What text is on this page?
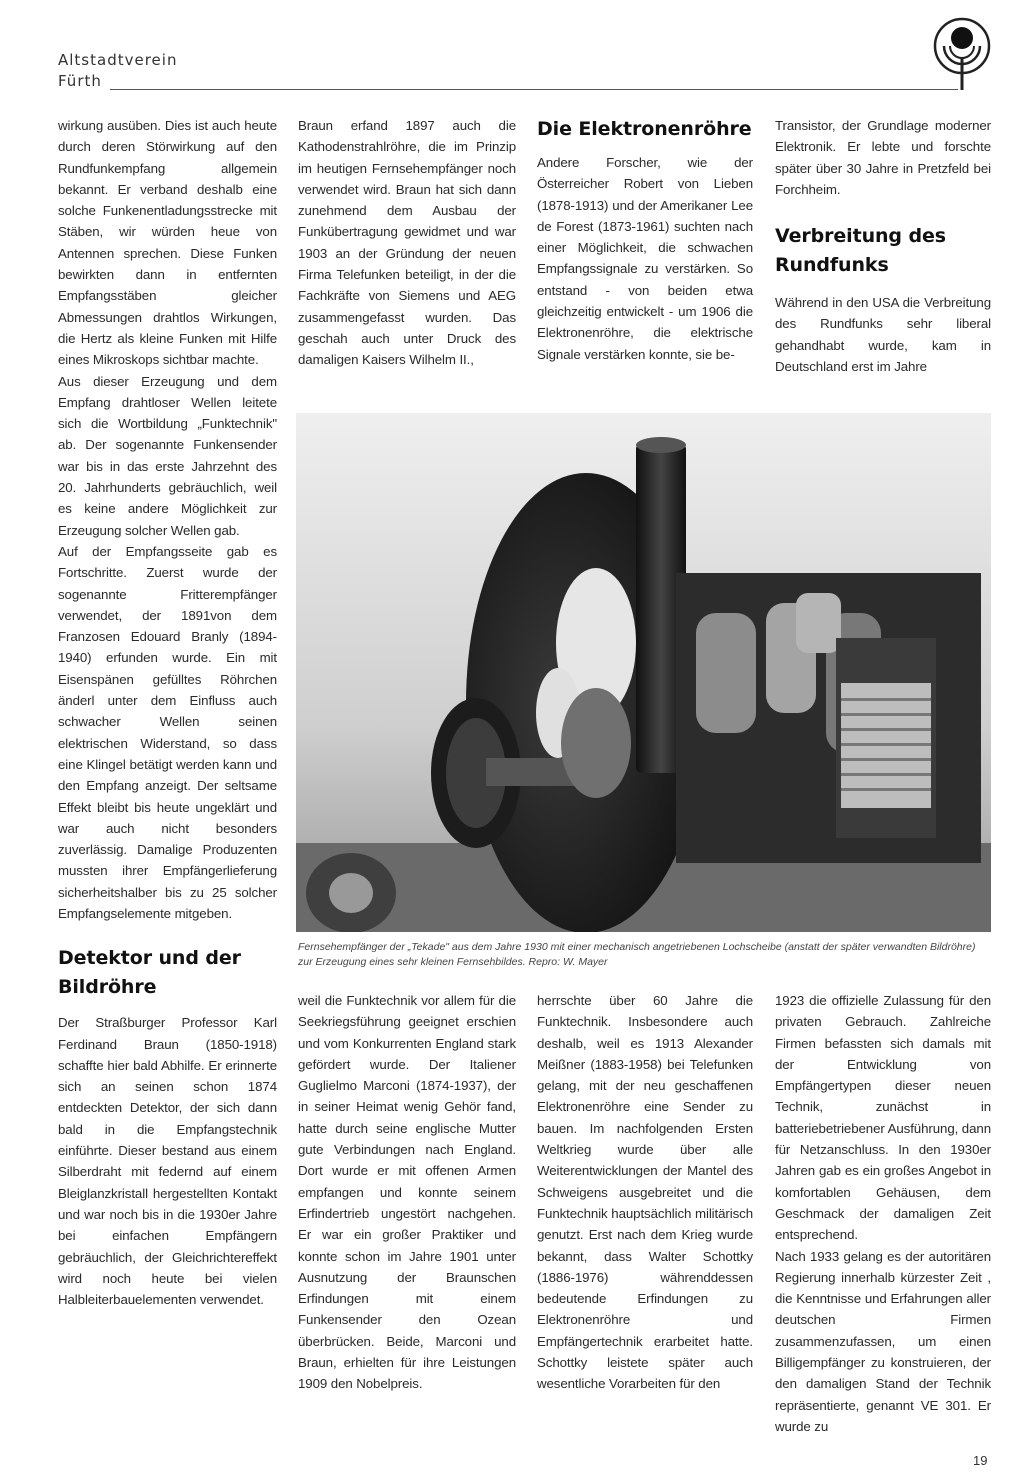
Altstadtverein
Fürth

wirkung ausüben. Dies ist auch heute durch deren Störwirkung auf den Rundfunkempfang allgemein bekannt. Er verband deshalb eine solche Funkenentladungsstrecke mit Stäben, wir würden heue von Antennen sprechen. Diese Funken bewirkten dann in entfernten Empfangsstäben gleicher Abmessungen drahtlos Wirkungen, die Hertz als kleine Funken mit Hilfe eines Mikroskops sichtbar machte.

Aus dieser Erzeugung und dem Empfang drahtloser Wellen leitete sich die Wortbildung „Funktechnik" ab. Der sogenannte Funkensender war bis in das erste Jahrzehnt des 20. Jahrhunderts gebräuchlich, weil es keine andere Möglichkeit zur Erzeugung solcher Wellen gab.

Auf der Empfangsseite gab es Fortschritte. Zuerst wurde der sogenannte Fritterempfänger verwendet, der 1891von dem Franzosen Edouard Branly (1894-1940) erfunden wurde. Ein mit Eisenspänen gefülltes Röhrchen änderl unter dem Einfluss auch schwacher Wellen seinen elektrischen Widerstand, so dass eine Klingel betätigt werden kann und den Empfang anzeigt. Der seltsame Effekt bleibt bis heute ungeklärt und war auch nicht besonders zuverlässig. Damalige Produzenten mussten ihrer Empfängerlieferung sicherheitshalber bis zu 25 solcher Empfangselemente mitgeben.

Detektor und der Bildröhre

Der Straßburger Professor Karl Ferdinand Braun (1850-1918) schaffte hier bald Abhilfe. Er erinnerte sich an seinen schon 1874 entdeckten Detektor, der sich dann bald in die Empfangstechnik einführte. Dieser bestand aus einem Silberdraht mit federnd auf einem Bleiglanzkristall hergestellten Kontakt und war noch bis in die 1930er Jahre bei einfachen Empfängern gebräuchlich, der Gleichrichtereffekt wird noch heute bei vielen Halbleiterbauelementen verwendet.

Braun erfand 1897 auch die Kathodenstrahlröhre, die im Prinzip im heutigen Fernsehempfänger noch verwendet wird. Braun hat sich dann zunehmend dem Ausbau der Funkübertragung gewidmet und war 1903 an der Gründung der neuen Firma Telefunken beteiligt, in der die Fachkräfte von Siemens und AEG zusammengefasst wurden. Das geschah auch unter Druck des damaligen Kaisers Wilhelm II.,

Die Elektronenröhre

Andere Forscher, wie der Österreicher Robert von Lieben (1878-1913) und der Amerikaner Lee de Forest (1873-1961) suchten nach einer Möglichkeit, die schwachen Empfangssignale zu verstärken. So entstand - von beiden etwa gleichzeitig entwickelt - um 1906 die Elektronenröhre, die elektrische Signale verstärken konnte, sie be-

Transistor, der Grundlage moderner Elektronik. Er lebte und forschte später über 30 Jahre in Pretzfeld bei Forchheim.

Verbreitung des Rundfunks

Während in den USA die Verbreitung des Rundfunks sehr liberal gehandhabt wurde, kam in Deutschland erst im Jahre

Fernsehempfänger der „Tekade" aus dem Jahre 1930 mit einer mechanisch angetriebenen Lochscheibe (anstatt der später verwandten Bildröhre) zur Erzeugung eines sehr kleinen Fernsehbildes. Repro: W. Mayer

weil die Funktechnik vor allem für die Seekriegsführung geeignet erschien und vom Konkurrenten England stark gefördert wurde. Der Italiener Guglielmo Marconi (1874-1937), der in seiner Heimat wenig Gehör fand, hatte durch seine englische Mutter gute Verbindungen nach England. Dort wurde er mit offenen Armen empfangen und konnte seinem Erfindertrieb ungestört nachgehen. Er war ein großer Praktiker und konnte schon im Jahre 1901 unter Ausnutzung der Braunschen Erfindungen mit einem Funkensender den Ozean überbrücken. Beide, Marconi und Braun, erhielten für ihre Leistungen 1909 den Nobelpreis.

herrschte über 60 Jahre die Funktechnik. Insbesondere auch deshalb, weil es 1913 Alexander Meißner (1883-1958) bei Telefunken gelang, mit der neu geschaffenen Elektronenröhre eine Sender zu bauen. Im nachfolgenden Ersten Weltkrieg wurde über alle Weiterentwicklungen der Mantel des Schweigens ausgebreitet und die Funktechnik hauptsächlich militärisch genutzt. Erst nach dem Krieg wurde bekannt, dass Walter Schottky (1886-1976) währenddessen bedeutende Erfindungen zu Elektronenröhre und Empfängertechnik erarbeitet hatte. Schottky leistete später auch wesentliche Vorarbeiten für den

1923 die offizielle Zulassung für den privaten Gebrauch. Zahlreiche Firmen befassten sich damals mit der Entwicklung von Empfängertypen dieser neuen Technik, zunächst in batteriebetriebener Ausführung, dann für Netzanschluss. In den 1930er Jahren gab es ein großes Angebot in komfortablen Gehäusen, dem Geschmack der damaligen Zeit entsprechend.

Nach 1933 gelang es der autoritären Regierung innerhalb kürzester Zeit , die Kenntnisse und Erfahrungen aller deutschen Firmen zusammenzufassen, um einen Billigempfänger zu konstruieren, der den damaligen Stand der Technik repräsentierte, genannt VE 301. Er wurde zu

19
